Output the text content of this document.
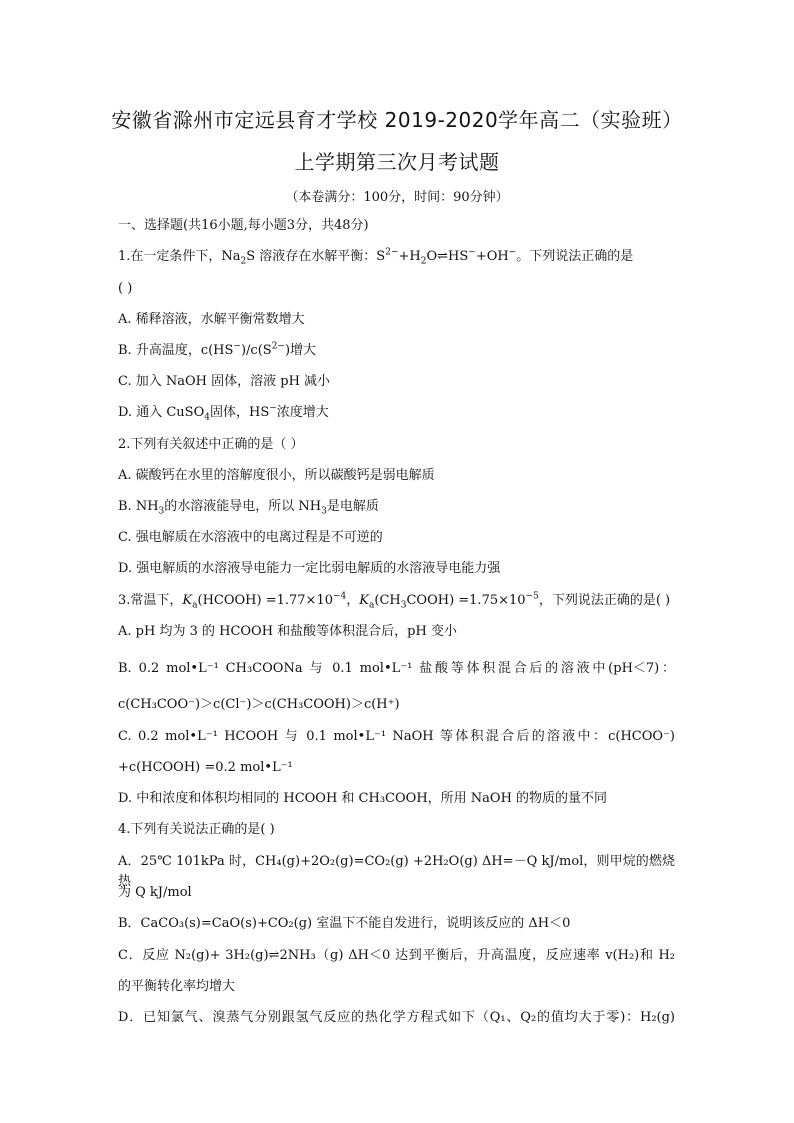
安徽省滁州市定远县育才学校 2019-2020学年高二（实验班）
上学期第三次月考试题
（本卷满分：100分，时间：90分钟）
一、选择题(共16小题,每小题3分，共48分)
1.在一定条件下，$Na_2S$ 溶液存在水解平衡：$S^{2-}+H_2O\rightleftharpoons HS^-+OH^-$。下列说法正确的是
( )
A. 稀释溶液，水解平衡常数增大
B. 升高温度，$c(HS^-)/c(S^{2-})$增大
C. 加入 NaOH 固体，溶液 pH 减小
D. 通入 CuSO$_4$固体，HS−浓度增大
2.下列有关叙述中正确的是（ ）
A. 碳酸钙在水里的溶解度很小，所以碳酸钙是弱电解质
B. $NH_3$的水溶液能导电，所以 $NH_3$是电解质
C. 强电解质在水溶液中的电离过程是不可逆的
D. 强电解质的水溶液导电能力一定比弱电解质的水溶液导电能力强
3.常温下，$K_a(HCOOH) =1.77\times 10^{-4}$，$K_a(CH_3COOH) =1.75\times 10^{-5}$，下列说法正确的是( )
A. pH 均为 3 的 HCOOH 和盐酸等体积混合后，pH 变小
B. 0.2 mol•L⁻¹ CH₃COONa 与 0.1 mol•L⁻¹ 盐酸等体积混合后的溶液中(pH＜7)：
c(CH₃COO⁻)＞c(Cl⁻)＞c(CH₃COOH)＞c(H⁺)
C. 0.2 mol•L⁻¹ HCOOH 与 0.1 mol•L⁻¹ NaOH 等体积混合后的溶液中：c(HCOO⁻)
+c(HCOOH) =0.2 mol•L⁻¹
D. 中和浓度和体积均相同的 HCOOH 和 CH₃COOH，所用 NaOH 的物质的量不同
4.下列有关说法正确的是( )
A．25℃ 101kPa 时，CH₄(g)+2O₂(g)=CO₂(g) +2H₂O(g) ΔH=－Q kJ/mol，则甲烷的燃烧热
为 Q kJ/mol
B．CaCO₃(s)=CaO(s)+CO₂(g) 室温下不能自发进行，说明该反应的 ΔH＜0
C．反应 N₂(g)+ 3H₂(g)⇌2NH₃（g) ΔH＜0 达到平衡后，升高温度，反应速率 v(H₂)和 H₂
的平衡转化率均增大
D．已知氯气、溴蒸气分别跟氢气反应的热化学方程式如下（Q₁、Q₂的值均大于零)：H₂(g)
